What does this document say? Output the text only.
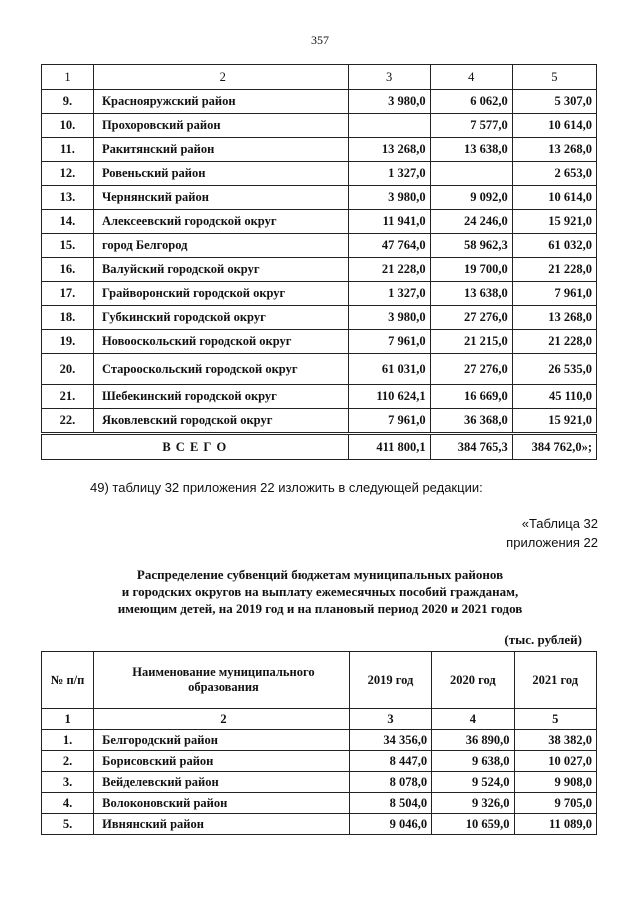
357
1	2	3	4	5
9.	Краснояружский район	3 980,0	6 062,0	5 307,0
10.	Прохоровский район		7 577,0	10 614,0
11.	Ракитянский район	13 268,0	13 638,0	13 268,0
12.	Ровеньский район	1 327,0		2 653,0
13.	Чернянский район	3 980,0	9 092,0	10 614,0
14.	Алексеевский городской округ	11 941,0	24 246,0	15 921,0
15.	город Белгород	47 764,0	58 962,3	61 032,0
16.	Валуйский городской округ	21 228,0	19 700,0	21 228,0
17.	Грайворонский городской округ	1 327,0	13 638,0	7 961,0
18.	Губкинский городской округ	3 980,0	27 276,0	13 268,0
19.	Новооскольский городской округ	7 961,0	21 215,0	21 228,0
20.	Старооскольский городской округ	61 031,0	27 276,0	26 535,0
21.	Шебекинский городской округ	110 624,1	16 669,0	45 110,0
22.	Яковлевский городской округ	7 961,0	36 368,0	15 921,0
В С Е Г О		411 800,1	384 765,3	384 762,0»;
49) таблицу 32 приложения 22 изложить в следующей редакции:
«Таблица 32
приложения 22
Распределение субвенций бюджетам муниципальных районов
и городских округов на выплату ежемесячных пособий гражданам,
имеющим детей, на 2019 год и на плановый период 2020 и 2021 годов
(тыс. рублей)
№ п/п	Наименование муниципального образования	2019 год	2020 год	2021 год
1	2	3	4	5
1.	Белгородский район	34 356,0	36 890,0	38 382,0
2.	Борисовский район	8 447,0	9 638,0	10 027,0
3.	Вейделевский район	8 078,0	9 524,0	9 908,0
4.	Волоконовский район	8 504,0	9 326,0	9 705,0
5.	Ивнянский район	9 046,0	10 659,0	11 089,0
